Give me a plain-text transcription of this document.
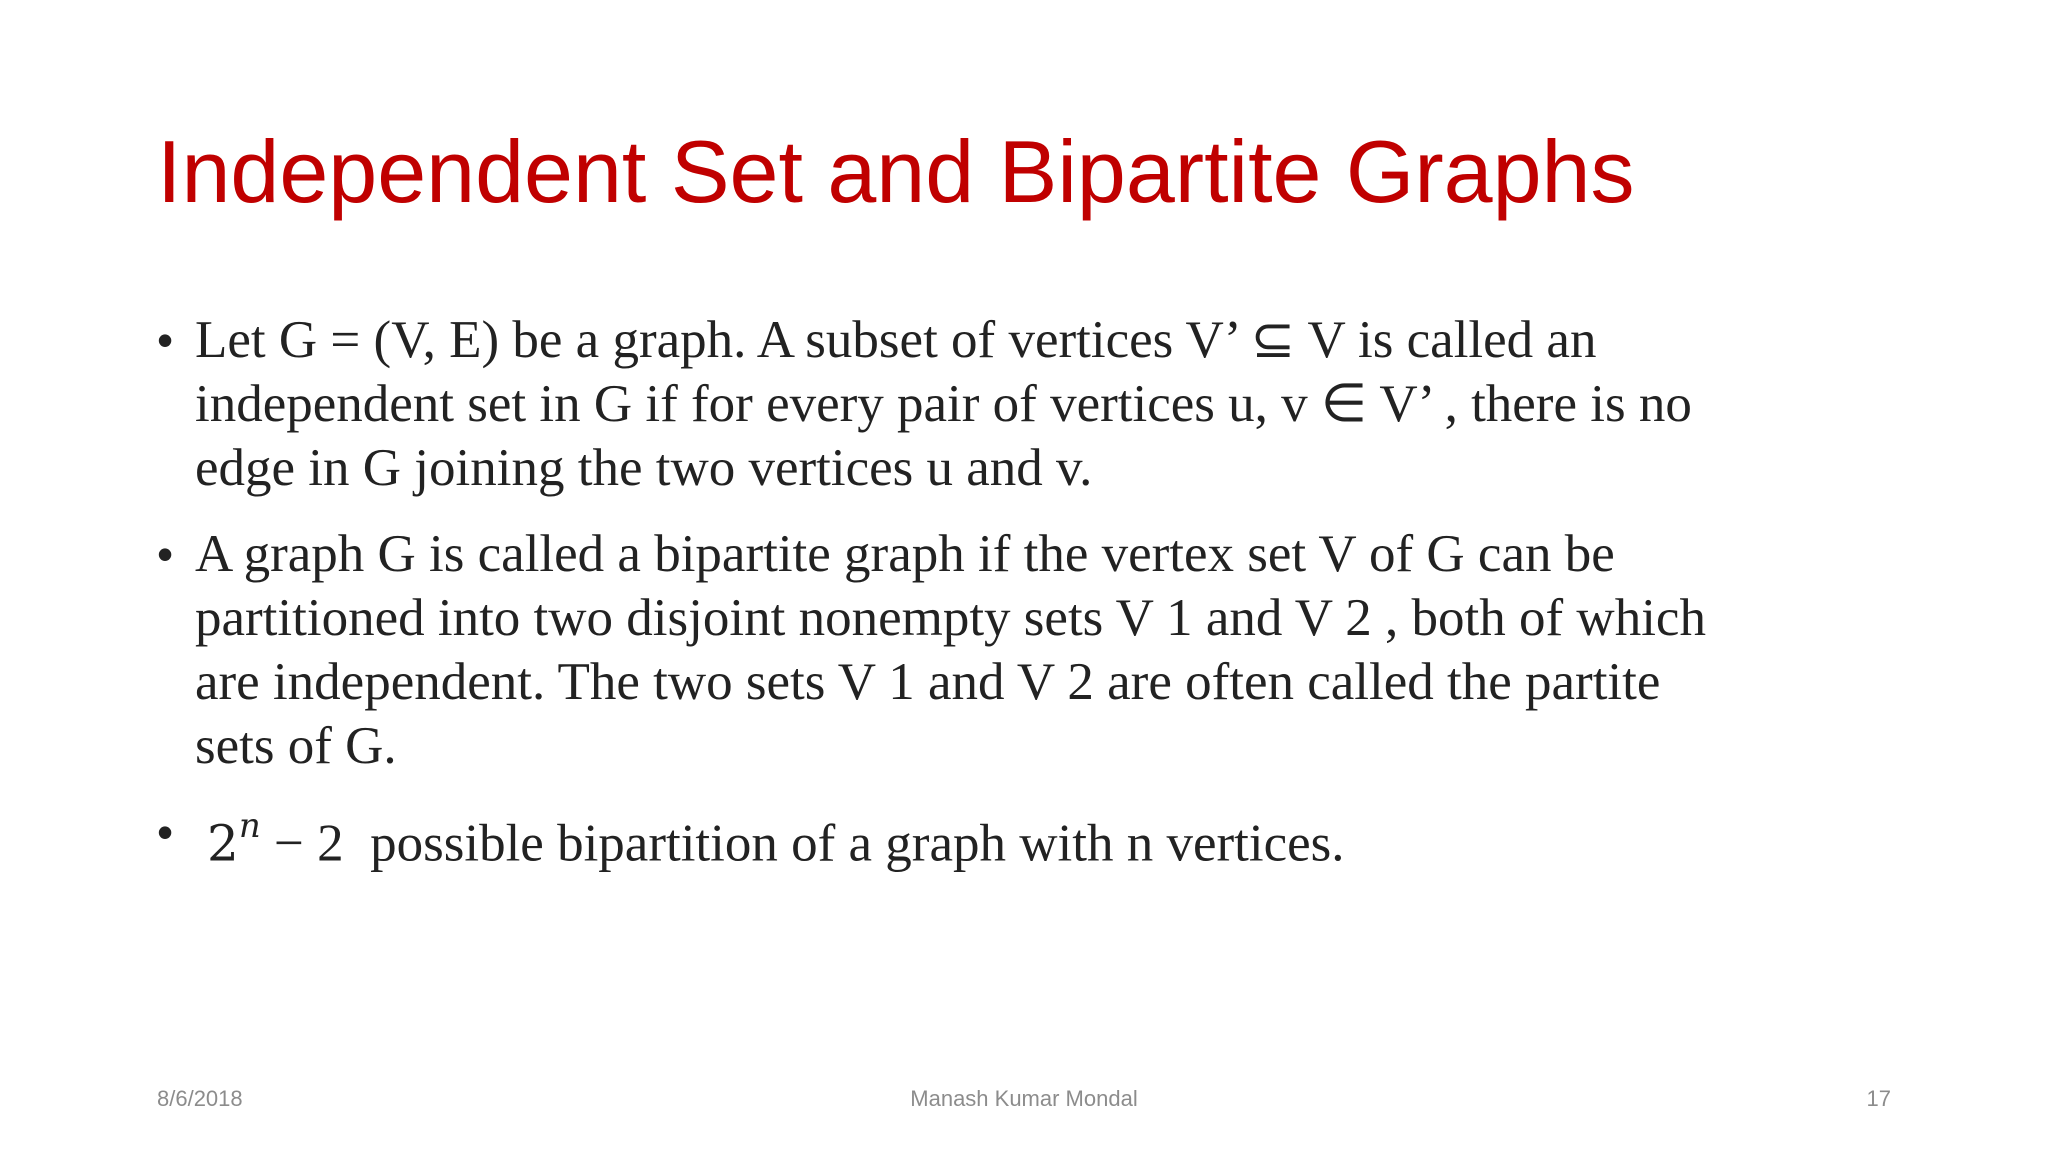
Independent Set and Bipartite Graphs
• Let G = (V, E) be a graph. A subset of vertices V’ ⊆ V is called an
independent set in G if for every pair of vertices u, v ∈ V’ , there is no
edge in G joining the two vertices u and v.
• A graph G is called a bipartite graph if the vertex set V of G can be
partitioned into two disjoint nonempty sets V 1 and V 2 , both of which
are independent. The two sets V 1 and V 2 are often called the partite
sets of G.
• $2^n - 2$ possible bipartition of a graph with n vertices.
8/6/2018	Manash Kumar Mondal	17
